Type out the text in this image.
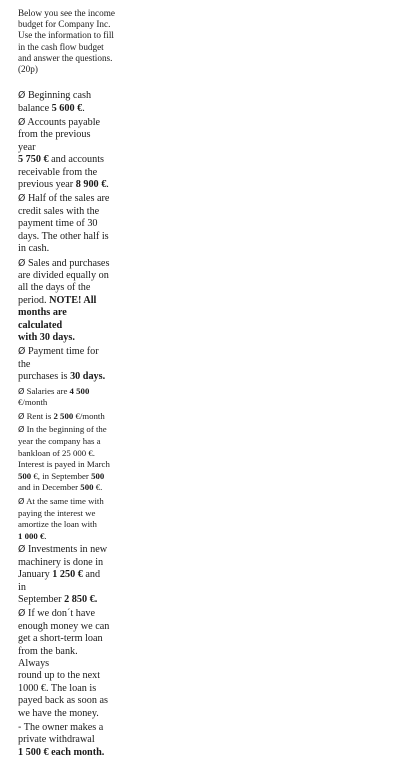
Below you see the income
budget for Company Inc.
Use the information to fill
in the cash flow budget
and answer the questions.
(20p)
Ø Beginning cash
balance 5 600 €.
Ø Accounts payable
from the previous year
5 750 € and accounts
receivable from the
previous year 8 900 €.
Ø Half of the sales are
credit sales with the
payment time of 30
days. The other half is
in cash.
Ø Sales and purchases
are divided equally on
all the days of the
period. NOTE! All
months are calculated
with 30 days.
Ø Payment time for the
purchases is 30 days.
Ø Salaries are 4 500
€/month
Ø Rent is 2 500 €/month
Ø In the beginning of the
year the company has a
bankloan of 25 000 €.
Interest is payed in March
500 €, in September 500
and in December 500 €.
Ø At the same time with
paying the interest we
amortize the loan with
1 000 €.
Ø Investments in new
machinery is done in
January 1 250 € and in
September 2 850 €.
Ø If we don´t have
enough money we can
get a short-term loan
from the bank. Always
round up to the next
1000 €. The loan is
payed back as soon as
we have the money.
- The owner makes a
private withdrawal
1 500 € each month.
